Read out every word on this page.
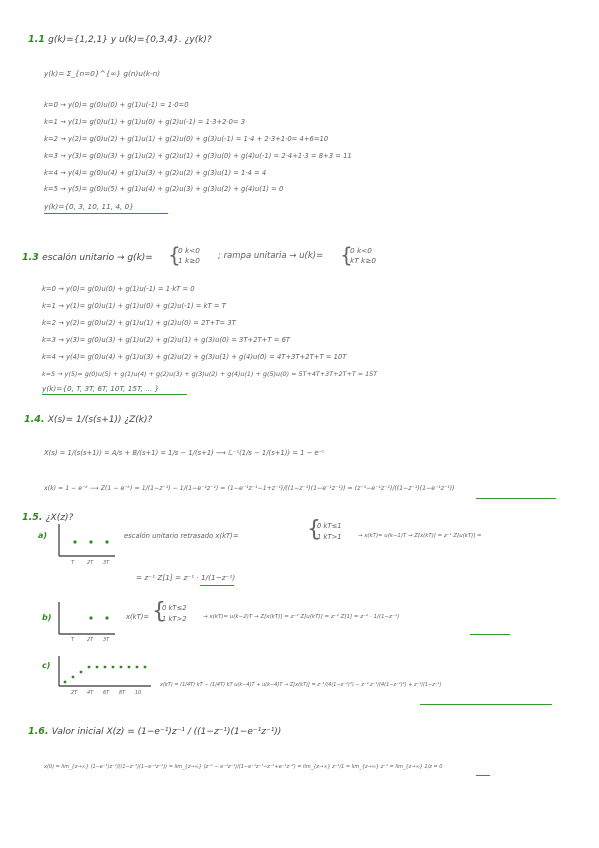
1.1 g(k)={1,2,1} y u(k)={0,3,4}. ¿y(k)?
y(k)= Σ_{n=0}^{∞} g(n)u(k-n)
k=0 → y(0)= g(0)u(0) + g(1)u(-1) = 1·0=0
k=1 → y(1)= g(0)u(1) + g(1)u(0) + g(2)u(-1) = 1·3+2·0= 3
k=2 → y(2)= g(0)u(2) + g(1)u(1) + g(2)u(0) + g(3)u(-1) = 1·4 + 2·3+1·0= 4+6=10
k=3 → y(3)= g(0)u(3) + g(1)u(2) + g(2)u(1) + g(3)u(0) + g(4)u(-1) = 2·4+1·3 = 8+3 = 11
k=4 → y(4)= g(0)u(4) + g(1)u(3) + g(2)u(2) + g(3)u(1) = 1·4 = 4
k=5 → y(5)= g(0)u(5) + g(1)u(4) + g(2)u(3) + g(3)u(2) + g(4)u(1) = 0
y(k)={0, 3, 10, 11, 4, 0}
1.3 escalón unitario → g(k)= {
0 k<0
1 k≥0 ; rampa unitaria → u(k)= {
0 k<0
kT k≥0
k=0 → y(0)= g(0)u(0) + g(1)u(-1) = 1·kT = 0
k=1 → y(1)= g(0)u(1) + g(1)u(0) + g(2)u(-1) = kT = T
k=2 → y(2)= g(0)u(2) + g(1)u(1) + g(2)u(0) = 2T+T= 3T
k=3 → y(3)= g(0)u(3) + g(1)u(2) + g(2)u(1) + g(3)u(0) = 3T+2T+T = 6T
k=4 → y(4)= g(0)u(4) + g(1)u(3) + g(2)u(2) + g(3)u(1) + g(4)u(0) = 4T+3T+2T+T = 10T
k=5 → y(5)= g(0)u(5) + g(1)u(4) + g(2)u(3) + g(3)u(2) + g(4)u(1) + g(5)u(0) = 5T+4T+3T+2T+T = 15T
y(k)={0, T, 3T, 6T, 10T, 15T, ... }
1.4. X(s)= 1/(s(s+1)) ¿Z(k)?
X(s) = 1/(s(s+1)) = A/s + B/(s+1) = 1/s − 1/(s+1) ⟶ ℒ⁻¹(1/s − 1/(s+1)) = 1 − e⁻ᵗ
x(k) = 1 − e⁻ᵏ ⟶ Z(1 − e⁻ᵏ) = 1/(1−z⁻¹) − 1/(1−e⁻¹z⁻¹) = (1−e⁻¹z⁻¹−1+z⁻¹)/((1−z⁻¹)(1−e⁻¹z⁻¹)) = (z⁻¹−e⁻¹z⁻¹)/((1−z⁻¹)(1−e⁻¹z⁻¹))
1.5. ¿X(z)?
a)
T	2T 3T
escalón unitario retrasado x(kT)=	{
0 kT≤1
1 kT>1	→ x(kT)= u(k−1)T → Z[x(kT)] = z⁻¹ Z[u(kT)] =
= z⁻¹ Z[1] = z⁻¹ · 1/(1−z⁻¹)
b)
T	2T 3T
x(kT)= {
0 kT≤2
1 kT>2	→ x(kT)= u(k−2)T → Z[x(kT)] = z⁻² Z[u(kT)] = z⁻² Z[1] = z⁻² · 1/(1−z⁻¹)
c)
2T 4T 6T 8T 10
x(kT) = (1/4T) kT − (1/4T) kT u(k−4)T + u(k−4)T → Z[x(kT)] = z⁻¹/(4(1−z⁻¹)²) − z⁻⁴ z⁻¹/(4(1−z⁻¹)²) + z⁻⁴/(1−z⁻¹)
1.6. Valor inicial X(z) = (1−e⁻¹)z⁻¹ / ((1−z⁻¹)(1−e⁻¹z⁻¹))
x(0) = lim_{z→∞} (1−e⁻¹)z⁻¹/((1−z⁻¹)(1−e⁻¹z⁻¹)) = lim_{z→∞} (z⁻¹ − e⁻¹z⁻¹)/(1−e⁻¹z⁻¹−z⁻¹+e⁻¹z⁻²) = lim_{z→∞} z⁻¹/1 = lim_{z→∞} z⁻¹ = lim_{z→∞} 1/z = 0
